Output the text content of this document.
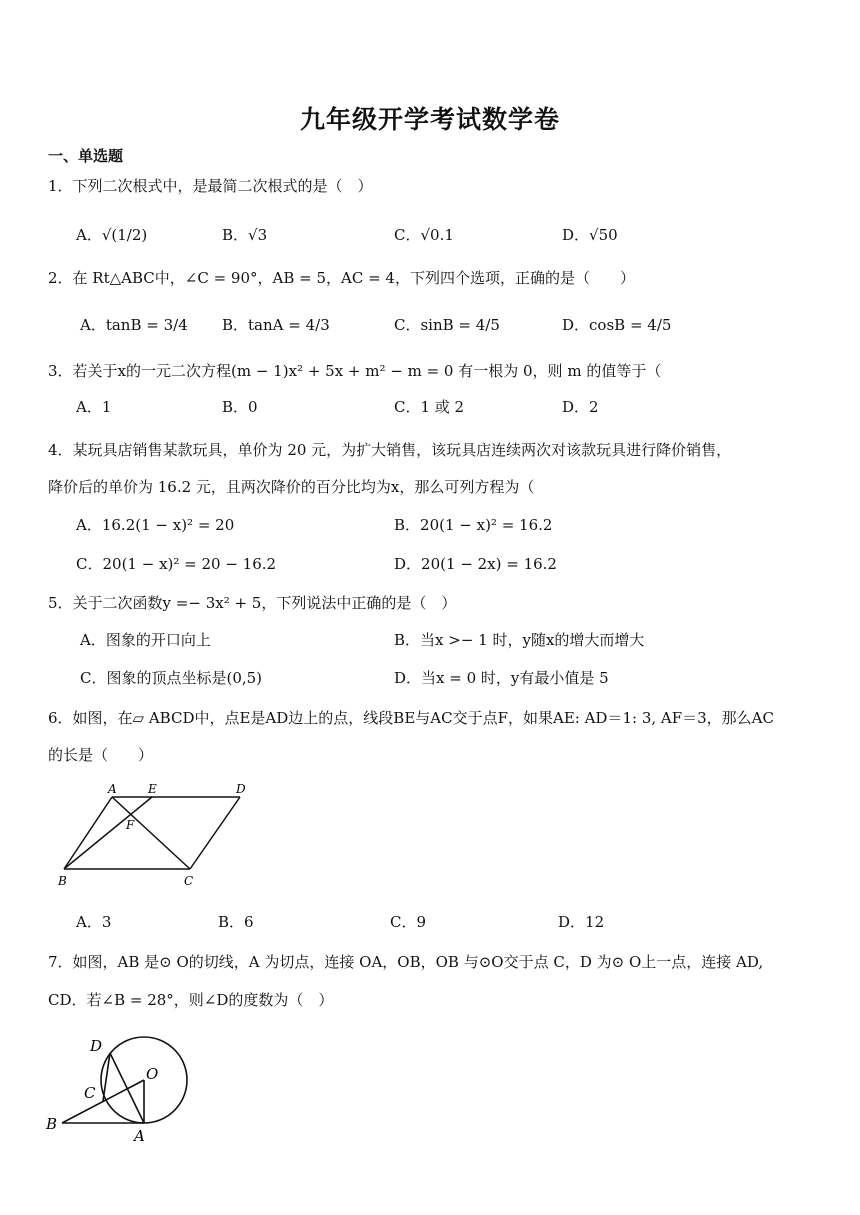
九年级开学考试数学卷
一、单选题
1．下列二次根式中，是最简二次根式的是（　）
A．√(1/2)	B．√3	C．√0.1	D．√50
2．在 Rt△ABC中，∠C = 90°，AB = 5，AC = 4，下列四个选项，正确的是（　　）
A．tanB = 3/4 B．tanA = 4/3	C．sinB = 4/5	D．cosB = 4/5
3．若关于x的一元二次方程(m − 1)x² + 5x + m² − m = 0 有一根为 0，则 m 的值等于（
A．1	B．0	C．1 或 2	D．2
4．某玩具店销售某款玩具，单价为 20 元，为扩大销售，该玩具店连续两次对该款玩具进行降价销售，
降价后的单价为 16.2 元，且两次降价的百分比均为x，那么可列方程为（
A．16.2(1 − x)² = 20	B．20(1 − x)² = 16.2
C．20(1 − x)² = 20 − 16.2	D．20(1 − 2x) = 16.2
5．关于二次函数y =− 3x² + 5，下列说法中正确的是（　）
A．图象的开口向上	B．当x >− 1 时，y随x的增大而增大
C．图象的顶点坐标是(0,5)	D．当x = 0 时，y有最小值是 5
6．如图，在▱ ABCD中，点E是AD边上的点，线段BE与AC交于点F，如果AE: AD＝1: 3, AF＝3，那么AC
的长是（　　）
A	E	D
F
B	C
A．3	B．6	C．9	D．12
7．如图，AB 是⊙ O的切线，A 为切点，连接 OA，OB，OB 与⊙O交于点 C，D 为⊙ O上一点，连接 AD,
CD．若∠B = 28°，则∠D的度数为（　）
D
C
O
B
A
